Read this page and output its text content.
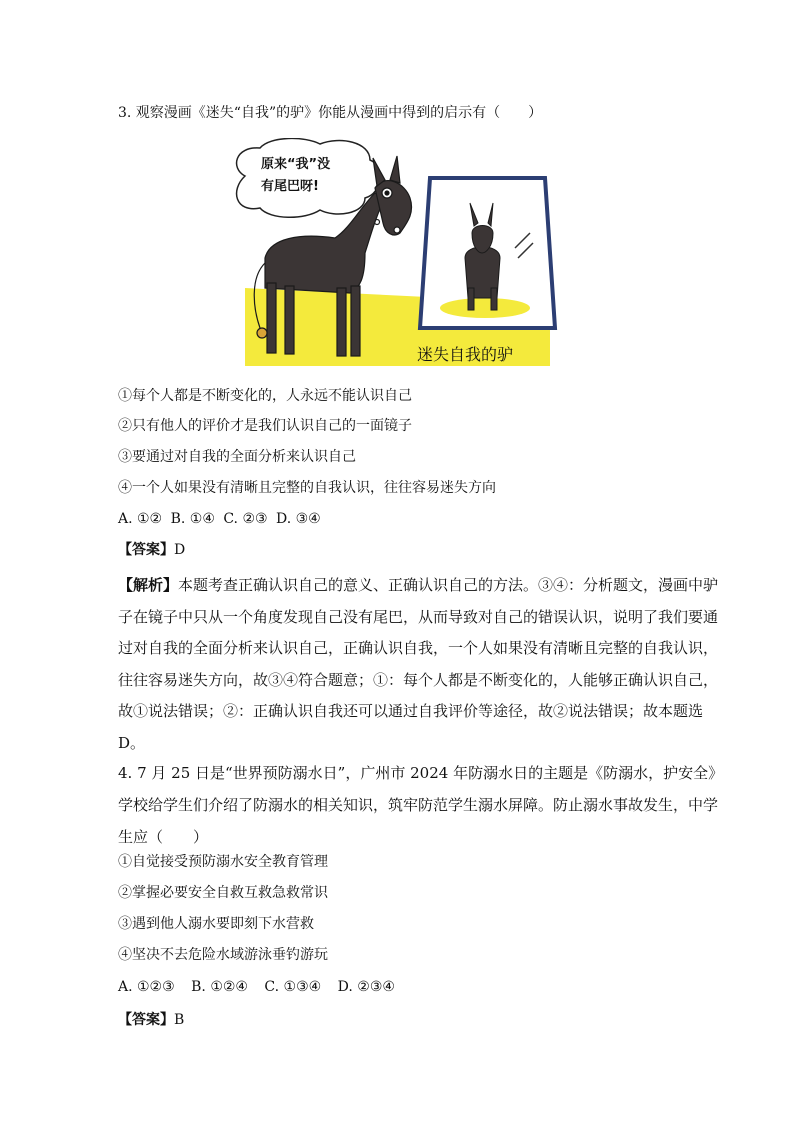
3. 观察漫画《迷失“自我”的驴》你能从漫画中得到的启示有（　　）
原来“我”没
有尾巴呀!
迷失自我的驴
①每个人都是不断变化的，人永远不能认识自己
②只有他人的评价才是我们认识自己的一面镜子
③要通过对自我的全面分析来认识自己
④一个人如果没有清晰且完整的自我认识，往往容易迷失方向
A. ①② B. ①④ C. ②③ D. ③④
【答案】D

【解析】本题考查正确认识自己的意义、正确认识自己的方法。③④：分析题文，漫画中驴

子在镜子中只从一个角度发现自己没有尾巴，从而导致对自己的错误认识，说明了我们要通

过对自我的全面分析来认识自己，正确认识自我，一个人如果没有清晰且完整的自我认识，

往往容易迷失方向，故③④符合题意；①：每个人都是不断变化的，人能够正确认识自己，

故①说法错误；②：正确认识自我还可以通过自我评价等途径，故②说法错误；故本题选

D。

4. 7 月 25 日是“世界预防溺水日”，广州市 2024 年防溺水日的主题是《防溺水，护安全》

学校给学生们介绍了防溺水的相关知识，筑牢防范学生溺水屏障。防止溺水事故发生，中学

生应（　　）

①自觉接受预防溺水安全教育管理
②掌握必要安全自救互救急救常识
③遇到他人溺水要即刻下水营救
④坚决不去危险水域游泳垂钓游玩
A. ①②③ B. ①②④ C. ①③④ D. ②③④
【答案】B
